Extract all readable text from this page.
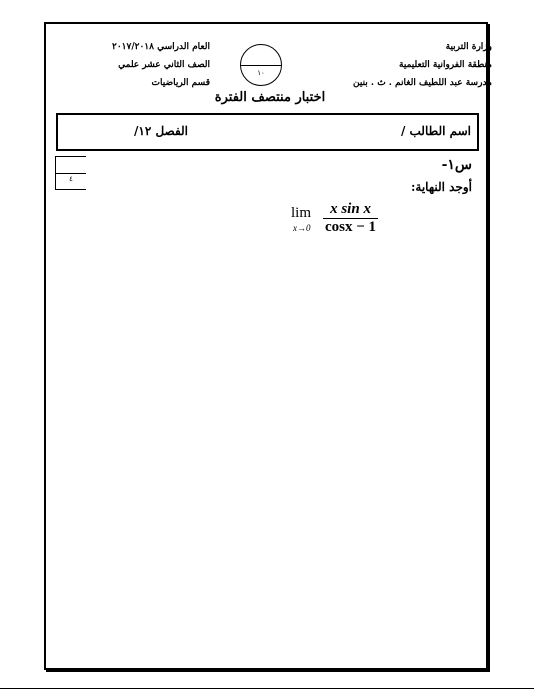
وزارة التربية
منطقة الفروانية التعليمية
مدرسة عبد اللطيف الغانم . ث . بنين
العام الدراسي ٢٠١٧/٢٠١٨
الصف الثاني عشر علمي
قسم الرياضيات
١٠
اختبار منتصف الفترة
اسم الطالب /
الفصل ١٢/
٤
س١-
أوجد النهاية:
lim
$x\to 0 \frac{\text{x sin x}}{\cos x - 1}$
